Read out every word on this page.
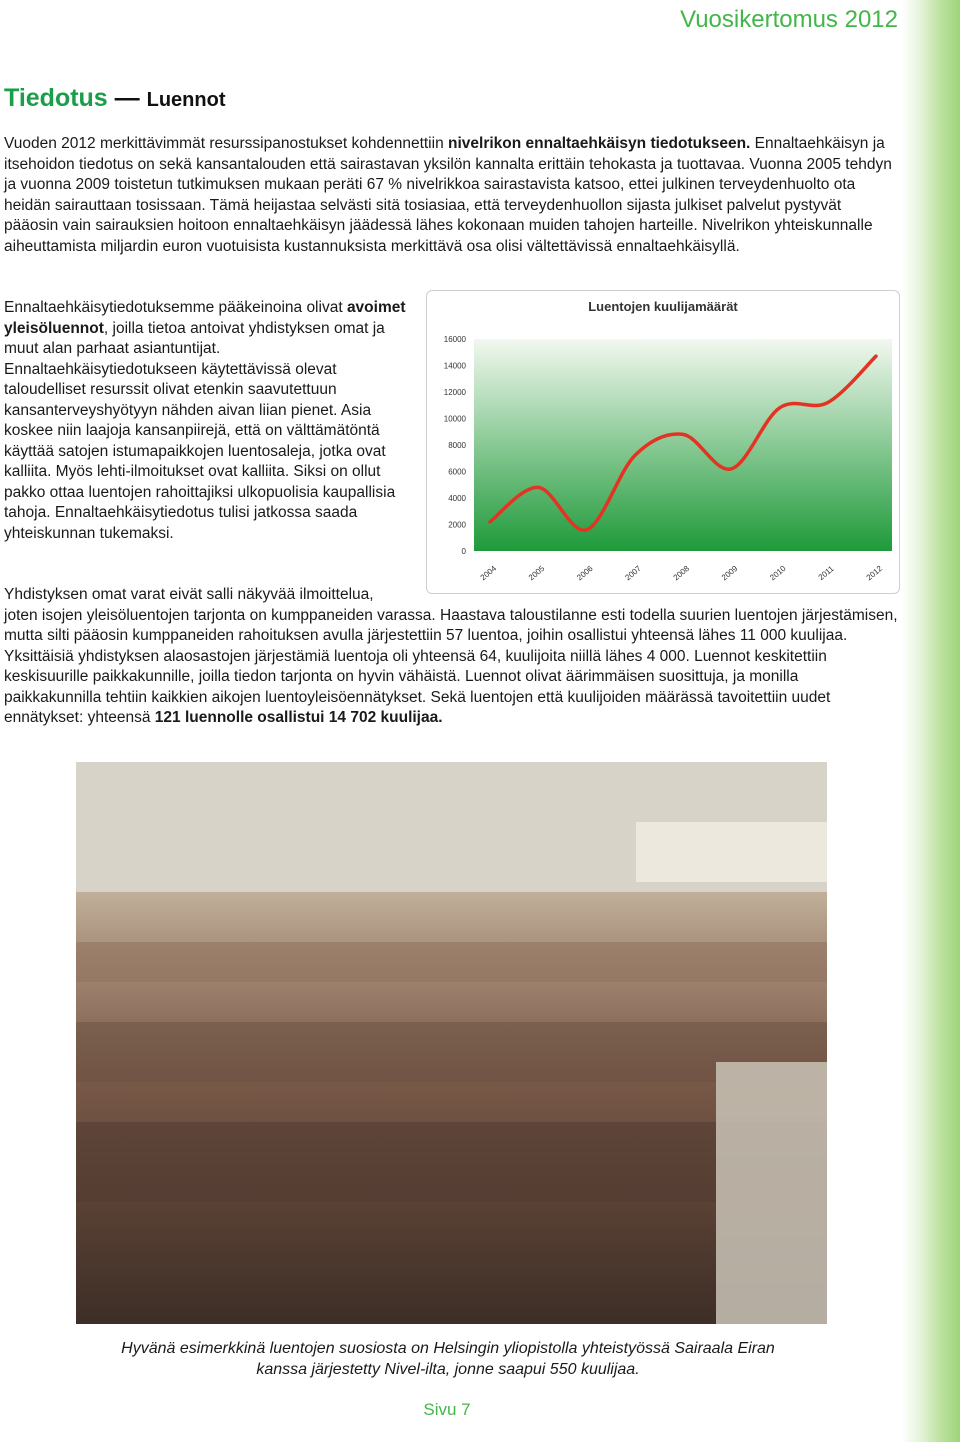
Vuosikertomus 2012
Tiedotus — Luennot
Vuoden 2012 merkittävimmät resurssipanostukset kohdennettiin nivelrikon ennaltaehkäisyn tiedotukseen. Ennaltaehkäisyn ja itsehoidon tiedotus on sekä kansantalouden että sairastavan yksilön kannalta erittäin tehokasta ja tuottavaa. Vuonna 2005 tehdyn ja vuonna 2009 toistetun tutkimuksen mukaan peräti 67 % nivelrikkoa sairastavista katsoo, ettei julkinen terveydenhuolto ota heidän sairauttaan tosissaan. Tämä heijastaa selvästi sitä tosiasiaa, että terveydenhuollon sijasta julkiset palvelut pystyvät pääosin vain sairauksien hoitoon ennaltaehkäisyn jäädessä lähes kokonaan muiden tahojen harteille. Nivelrikon yhteiskunnalle aiheuttamista miljardin euron vuotuisista kustannuksista merkittävä osa olisi vältettävissä ennaltaehkäisyllä.
Ennaltaehkäisytiedotuksemme pääkeinoina olivat avoimet yleisöluennot, joilla tietoa antoivat yhdistyksen omat ja muut alan parhaat asiantuntijat. Ennaltaehkäisytiedotukseen käytettävissä olevat taloudelliset resurssit olivat etenkin saavutettuun kansanterveyshyötyyn nähden aivan liian pienet. Asia koskee niin laajoja kansanpiirejä, että on välttämätöntä käyttää satojen istumapaikkojen luentosaleja, jotka ovat kalliita. Myös lehti-ilmoitukset ovat kalliita. Siksi on ollut pakko ottaa luentojen rahoittajiksi ulkopuolisia kaupallisia tahoja. Ennaltaehkäisytiedotus tulisi jatkossa saada yhteiskunnan tukemaksi.
Luentojen kuulijamäärät
0
2000
4000
6000
8000
10000
12000
14000
16000
2004	2005	2006	2007	2008	2009	2010	2011	2012
Yhdistyksen omat varat eivät salli näkyvää ilmoittelua,
joten isojen yleisöluentojen tarjonta on kumppaneiden varassa. Haastava taloustilanne esti todella suurien luentojen järjestämisen, mutta silti pääosin kumppaneiden rahoituksen avulla järjestettiin 57 luentoa, joihin osallistui yhteensä lähes 11 000 kuulijaa. Yksittäisiä yhdistyksen alaosastojen järjestämiä luentoja oli yhteensä 64, kuulijoita niillä lähes 4 000. Luennot keskitettiin keskisuurille paikkakunnille, joilla tiedon tarjonta on hyvin vähäistä. Luennot olivat äärimmäisen suosittuja, ja monilla paikkakunnilla tehtiin kaikkien aikojen luentoyleisöennätykset. Sekä luentojen että kuulijoiden määrässä tavoitettiin uudet ennätykset: yhteensä 121 luennolle osallistui 14 702 kuulijaa.
Hyvänä esimerkkinä luentojen suosiosta on Helsingin yliopistolla yhteistyössä Sairaala Eiran
kanssa järjestetty Nivel-ilta, jonne saapui 550 kuulijaa.
Sivu 7
